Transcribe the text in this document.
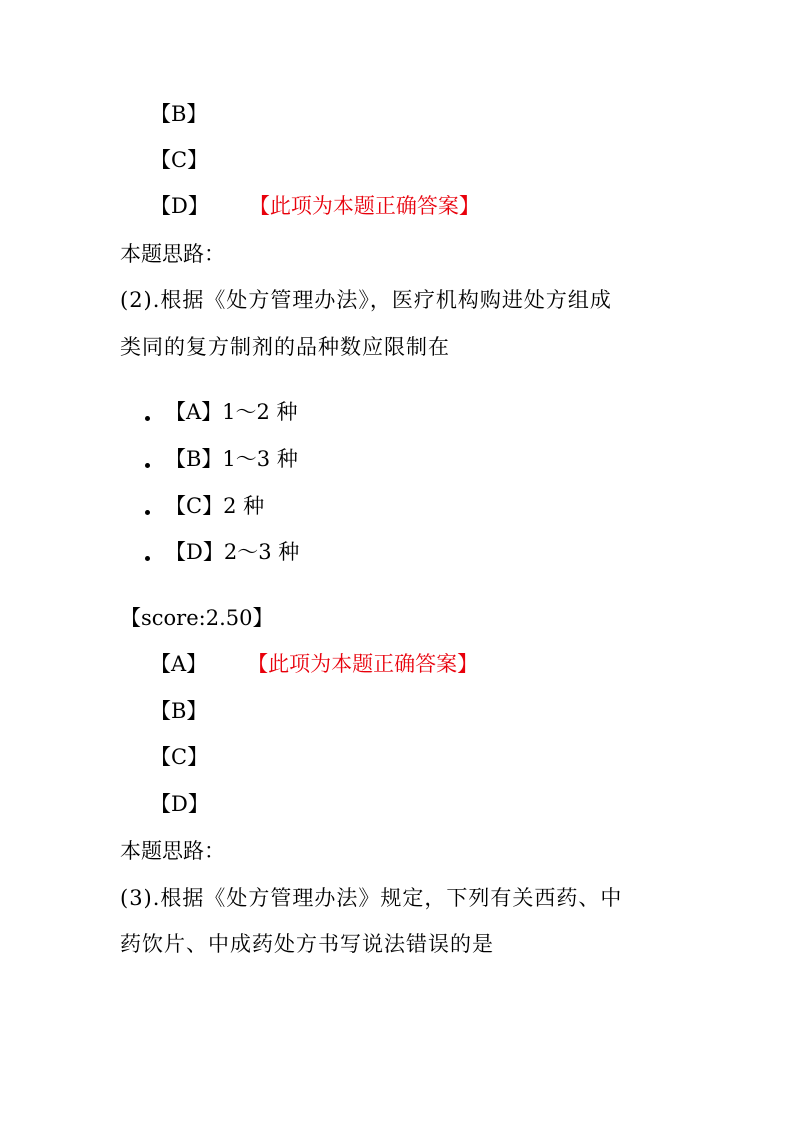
【B】
【C】
【D】 【此项为本题正确答案】
本题思路：
(2).根据《处方管理办法》，医疗机构购进处方组成
类同的复方制剂的品种数应限制在
【A】1～2 种
【B】1～3 种
【C】2 种
【D】2～3 种
【score:2.50】
【A】 【此项为本题正确答案】
【B】
【C】
【D】
本题思路：
(3).根据《处方管理办法》规定，下列有关西药、中
药饮片、中成药处方书写说法错误的是
